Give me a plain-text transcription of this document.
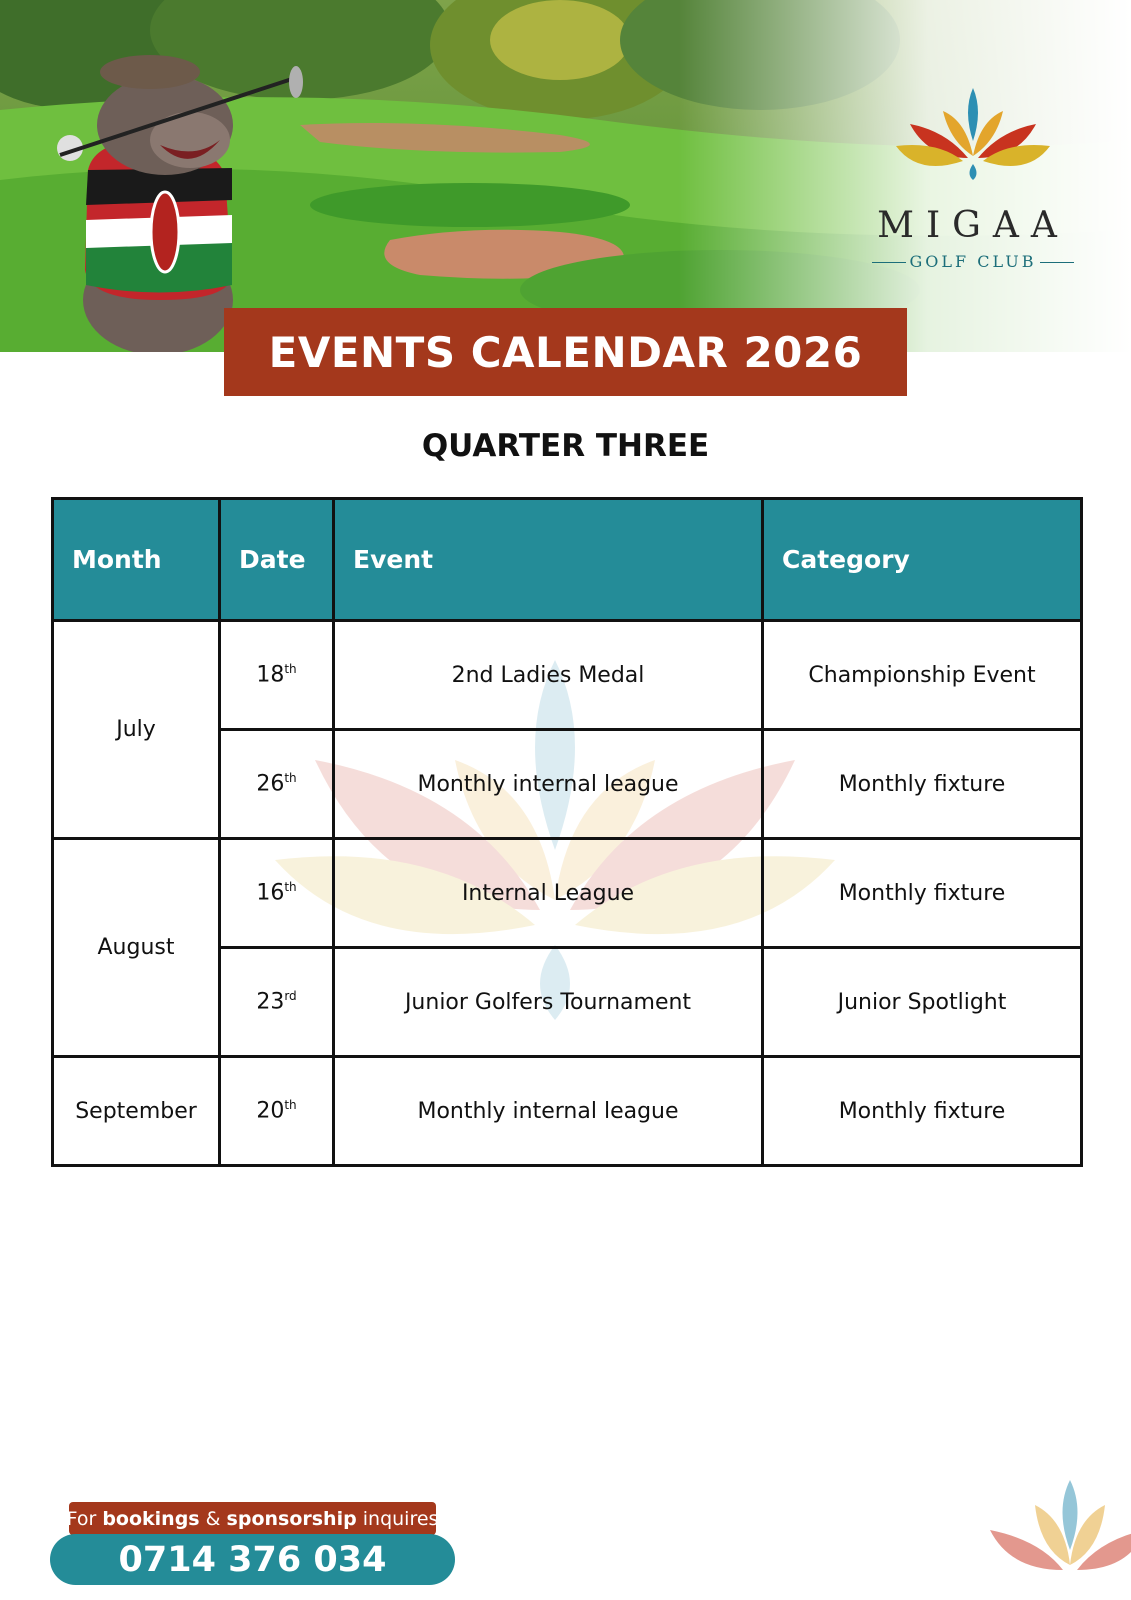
MIGAA
GOLF CLUB
EVENTS CALENDAR 2026
QUARTER THREE
Month	Date	Event	Category
July	18th	2nd Ladies Medal	Championship Event
	26th	Monthly internal league	Monthly fixture
August	16th	Internal League	Monthly fixture
	23rd	Junior Golfers Tournament	Junior Spotlight
September	20th	Monthly internal league	Monthly fixture
For
bookings
&
sponsorship
inquires
0714 376 034
